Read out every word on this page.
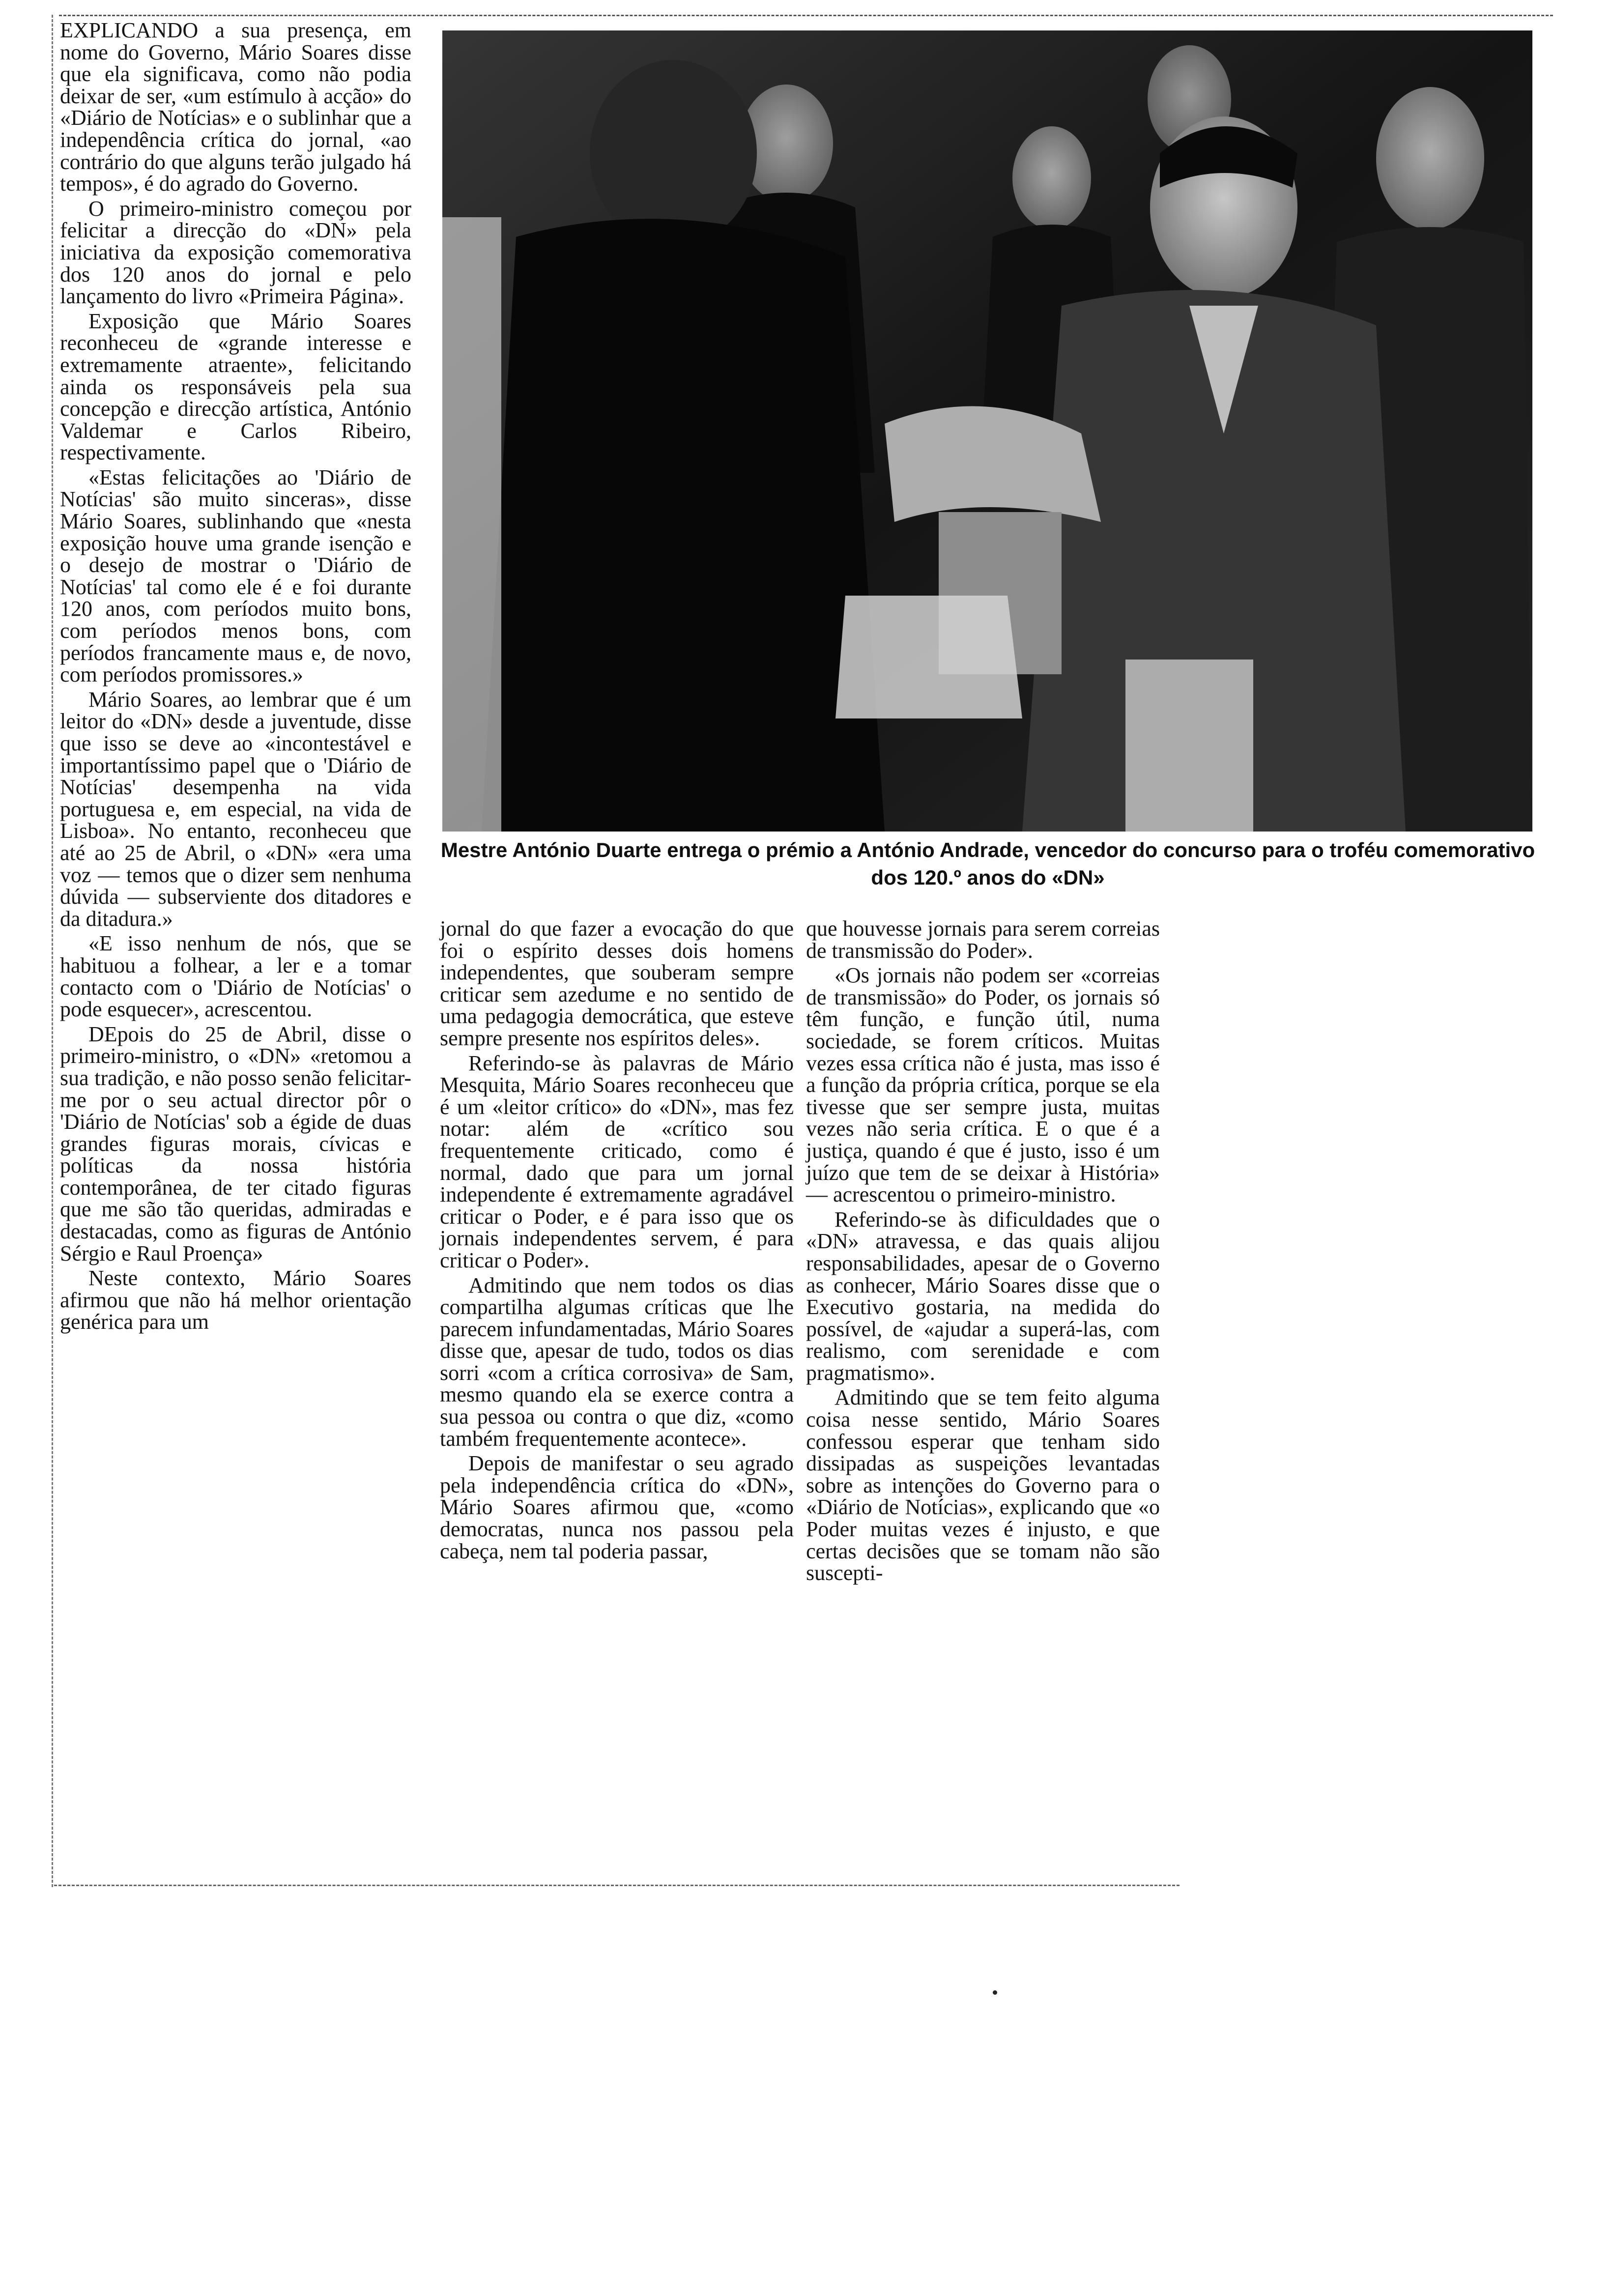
EXPLICANDO a sua presença, em nome do Governo, Mário Soares disse que ela significava, como não podia deixar de ser, «um estímulo à acção» do «Diário de Notícias» e o sublinhar que a independência crítica do jornal, «ao contrário do que alguns terão julgado há tempos», é do agrado do Governo.

O primeiro-ministro começou por felicitar a direcção do «DN» pela iniciativa da exposição comemorativa dos 120 anos do jornal e pelo lançamento do livro «Primeira Página».

Exposição que Mário Soares reconheceu de «grande interesse e extremamente atraente», felicitando ainda os responsáveis pela sua concepção e direcção artística, António Valdemar e Carlos Ribeiro, respectivamente.

«Estas felicitações ao 'Diário de Notícias' são muito sinceras», disse Mário Soares, sublinhando que «nesta exposição houve uma grande isenção e o desejo de mostrar o 'Diário de Notícias' tal como ele é e foi durante 120 anos, com períodos muito bons, com períodos menos bons, com períodos francamente maus e, de novo, com períodos promissores.»

Mário Soares, ao lembrar que é um leitor do «DN» desde a juventude, disse que isso se deve ao «incontestável e importantíssimo papel que o 'Diário de Notícias' desempenha na vida portuguesa e, em especial, na vida de Lisboa». No entanto, reconheceu que até ao 25 de Abril, o «DN» «era uma voz — temos que o dizer sem nenhuma dúvida — subserviente dos ditadores e da ditadura.»

«E isso nenhum de nós, que se habituou a folhear, a ler e a tomar contacto com o 'Diário de Notícias' o pode esquecer», acrescentou.

DEpois do 25 de Abril, disse o primeiro-ministro, o «DN» «retomou a sua tradição, e não posso senão felicitar-me por o seu actual director pôr o 'Diário de Notícias' sob a égide de duas grandes figuras morais, cívicas e políticas da nossa história contemporânea, de ter citado figuras que me são tão queridas, admiradas e destacadas, como as figuras de António Sérgio e Raul Proença»

Neste contexto, Mário Soares afirmou que não há melhor orientação genérica para um

Mestre António Duarte entrega o prémio a António Andrade, vencedor do concurso para o troféu comemorativo dos 120.º anos do «DN»

jornal do que fazer a evocação do que foi o espírito desses dois homens independentes, que souberam sempre criticar sem azedume e no sentido de uma pedagogia democrática, que esteve sempre presente nos espíritos deles».

Referindo-se às palavras de Mário Mesquita, Mário Soares reconheceu que é um «leitor crítico» do «DN», mas fez notar: além de «crítico sou frequentemente criticado, como é normal, dado que para um jornal independente é extremamente agradável criticar o Poder, e é para isso que os jornais independentes servem, é para criticar o Poder».

Admitindo que nem todos os dias compartilha algumas críticas que lhe parecem infundamentadas, Mário Soares disse que, apesar de tudo, todos os dias sorri «com a crítica corrosiva» de Sam, mesmo quando ela se exerce contra a sua pessoa ou contra o que diz, «como também frequentemente acontece».

Depois de manifestar o seu agrado pela independência crítica do «DN», Mário Soares afirmou que, «como democratas, nunca nos passou pela cabeça, nem tal poderia passar,

que houvesse jornais para serem correias de transmissão do Poder».

«Os jornais não podem ser «correias de transmissão» do Poder, os jornais só têm função, e função útil, numa sociedade, se forem críticos. Muitas vezes essa crítica não é justa, mas isso é a função da própria crítica, porque se ela tivesse que ser sempre justa, muitas vezes não seria crítica. E o que é a justiça, quando é que é justo, isso é um juízo que tem de se deixar à História» — acrescentou o primeiro-ministro.

Referindo-se às dificuldades que o «DN» atravessa, e das quais alijou responsabilidades, apesar de o Governo as conhecer, Mário Soares disse que o Executivo gostaria, na medida do possível, de «ajudar a superá-las, com realismo, com serenidade e com pragmatismo».

Admitindo que se tem feito alguma coisa nesse sentido, Mário Soares confessou esperar que tenham sido dissipadas as suspeições levantadas sobre as intenções do Governo para o «Diário de Notícias», explicando que «o Poder muitas vezes é injusto, e que certas decisões que se tomam não são suscepti-
